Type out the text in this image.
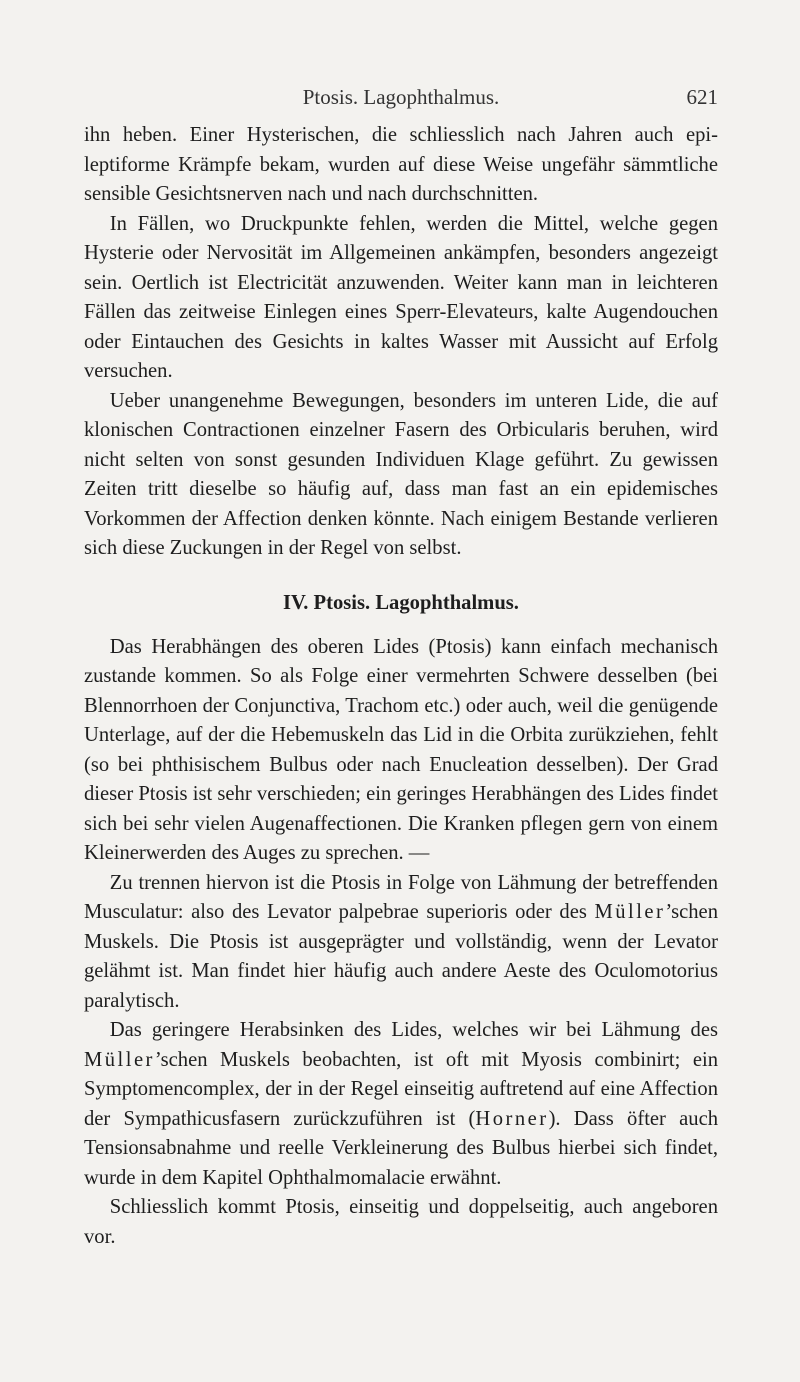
Ptosis. Lagophthalmus.	621

ihn heben. Einer Hysterischen, die schliesslich nach Jahren auch epileptiforme Krämpfe bekam, wurden auf diese Weise ungefähr sämmtliche sensible Gesichtsnerven nach und nach durchschnitten.

In Fällen, wo Druckpunkte fehlen, werden die Mittel, welche gegen Hysterie oder Nervosität im Allgemeinen ankämpfen, besonders angezeigt sein. Oertlich ist Electricität anzuwenden. Weiter kann man in leichteren Fällen das zeitweise Einlegen eines Sperr-Elevateurs, kalte Augendouchen oder Eintauchen des Gesichts in kaltes Wasser mit Aussicht auf Erfolg versuchen.

Ueber unangenehme Bewegungen, besonders im unteren Lide, die auf klonischen Contractionen einzelner Fasern des Orbicularis beruhen, wird nicht selten von sonst gesunden Individuen Klage geführt. Zu gewissen Zeiten tritt dieselbe so häufig auf, dass man fast an ein epidemisches Vorkommen der Affection denken könnte. Nach einigem Bestande verlieren sich diese Zuckungen in der Regel von selbst.

IV. Ptosis. Lagophthalmus.

Das Herabhängen des oberen Lides (Ptosis) kann einfach mechanisch zustande kommen. So als Folge einer vermehrten Schwere desselben (bei Blennorrhoen der Conjunctiva, Trachom etc.) oder auch, weil die genügende Unterlage, auf der die Hebemuskeln das Lid in die Orbita zurükziehen, fehlt (so bei phthisischem Bulbus oder nach Enucleation desselben). Der Grad dieser Ptosis ist sehr verschieden; ein geringes Herabhängen des Lides findet sich bei sehr vielen Augenaffectionen. Die Kranken pflegen gern von einem Kleinerwerden des Auges zu sprechen. —

Zu trennen hiervon ist die Ptosis in Folge von Lähmung der betreffenden Musculatur: also des Levator palpebrae superioris oder des Müller’schen Muskels. Die Ptosis ist ausgeprägter und vollständig, wenn der Levator gelähmt ist. Man findet hier häufig auch andere Aeste des Oculomotorius paralytisch.

Das geringere Herabsinken des Lides, welches wir bei Lähmung des Müller’schen Muskels beobachten, ist oft mit Myosis combinirt; ein Symptomencomplex, der in der Regel einseitig auftretend auf eine Affection der Sympathicusfasern zurückzuführen ist (Horner). Dass öfter auch Tensionsabnahme und reelle Verkleinerung des Bulbus hierbei sich findet, wurde in dem Kapitel Ophthalmomalacie erwähnt.

Schliesslich kommt Ptosis, einseitig und doppelseitig, auch angeboren vor.
